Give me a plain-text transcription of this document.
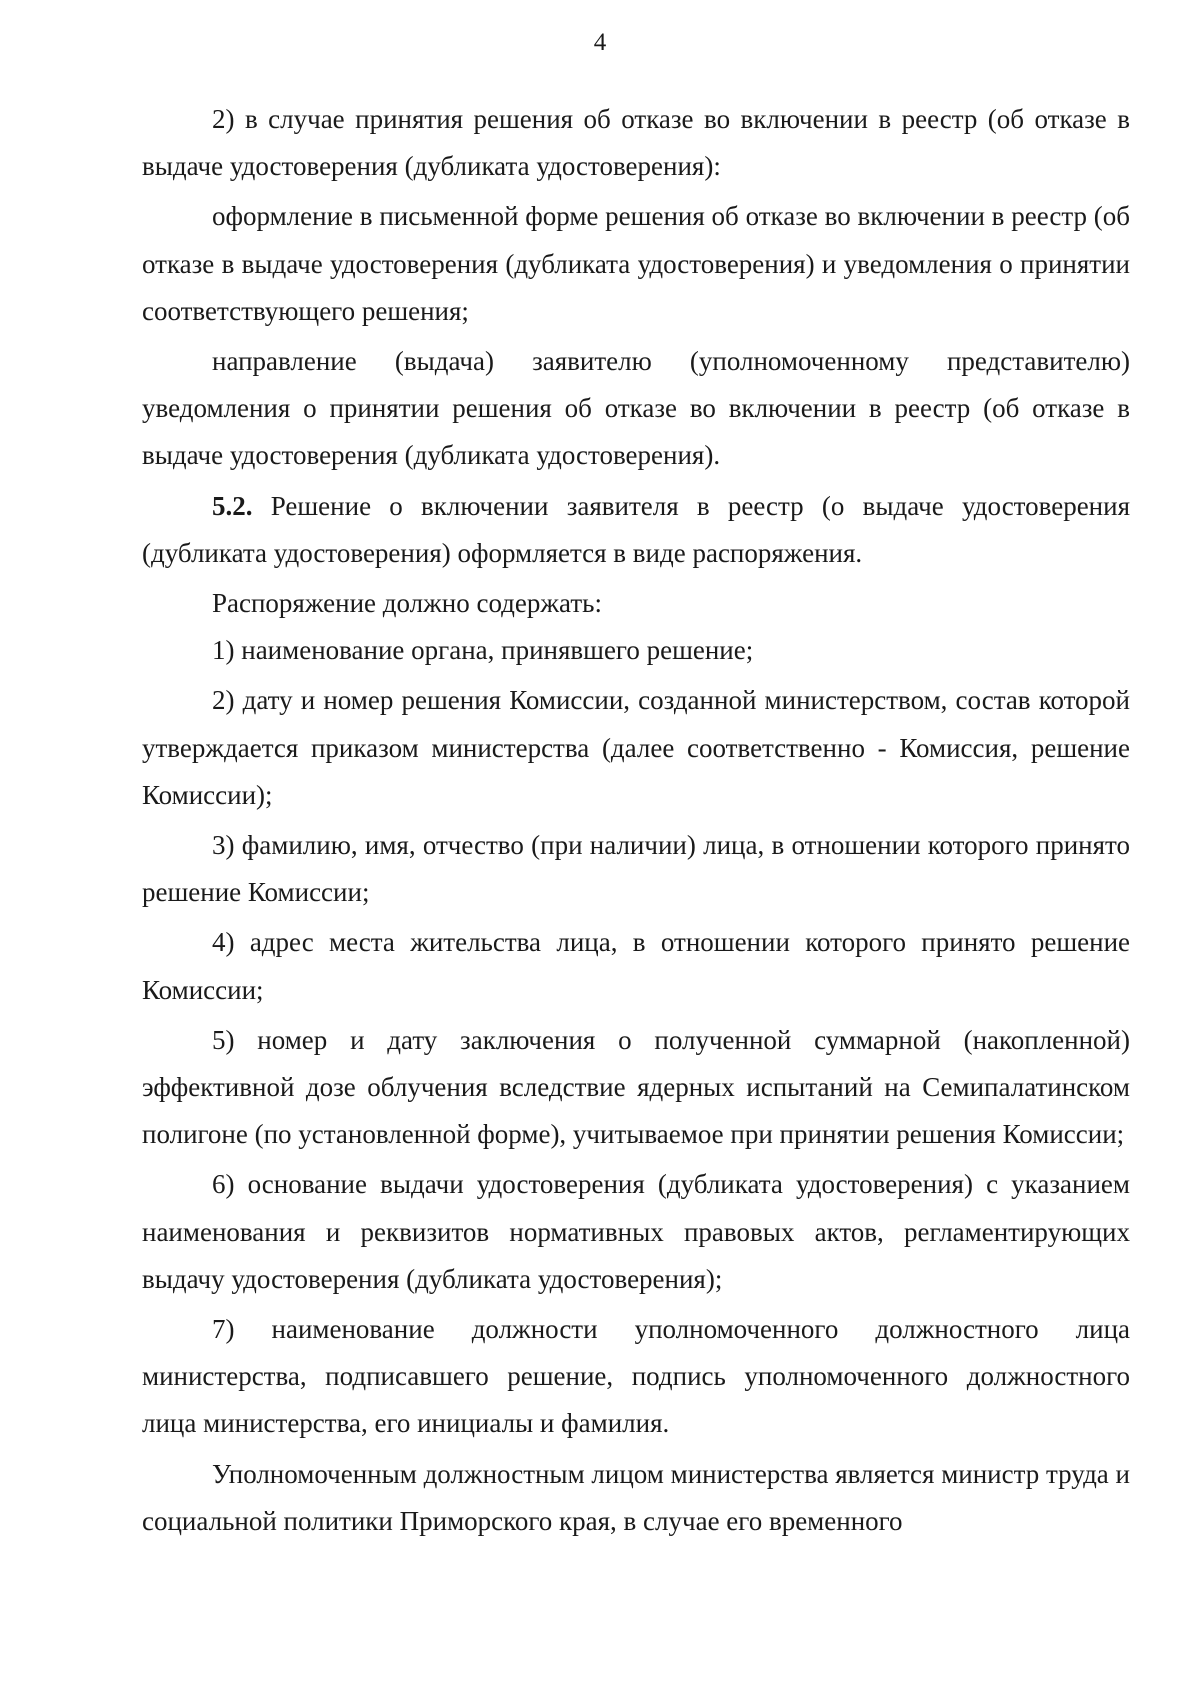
4

2) в случае принятия решения об отказе во включении в реестр (об отказе в выдаче удостоверения (дубликата удостоверения):

оформление в письменной форме решения об отказе во включении в реестр (об отказе в выдаче удостоверения (дубликата удостоверения) и уведомления о принятии соответствующего решения;

направление (выдача) заявителю (уполномоченному представителю) уведомления о принятии решения об отказе во включении в реестр (об отказе в выдаче удостоверения (дубликата удостоверения).

5.2. Решение о включении заявителя в реестр (о выдаче удостоверения (дубликата удостоверения) оформляется в виде распоряжения.

Распоряжение должно содержать:

1) наименование органа, принявшего решение;

2) дату и номер решения Комиссии, созданной министерством, состав которой утверждается приказом министерства (далее соответственно - Комиссия, решение Комиссии);

3) фамилию, имя, отчество (при наличии) лица, в отношении которого принято решение Комиссии;

4) адрес места жительства лица, в отношении которого принято решение Комиссии;

5) номер и дату заключения о полученной суммарной (накопленной) эффективной дозе облучения вследствие ядерных испытаний на Семипалатинском полигоне (по установленной форме), учитываемое при принятии решения Комиссии;

6) основание выдачи удостоверения (дубликата удостоверения) с указанием наименования и реквизитов нормативных правовых актов, регламентирующих выдачу удостоверения (дубликата удостоверения);

7) наименование должности уполномоченного должностного лица министерства, подписавшего решение, подпись уполномоченного должностного лица министерства, его инициалы и фамилия.

Уполномоченным должностным лицом министерства является министр труда и социальной политики Приморского края, в случае его временного
